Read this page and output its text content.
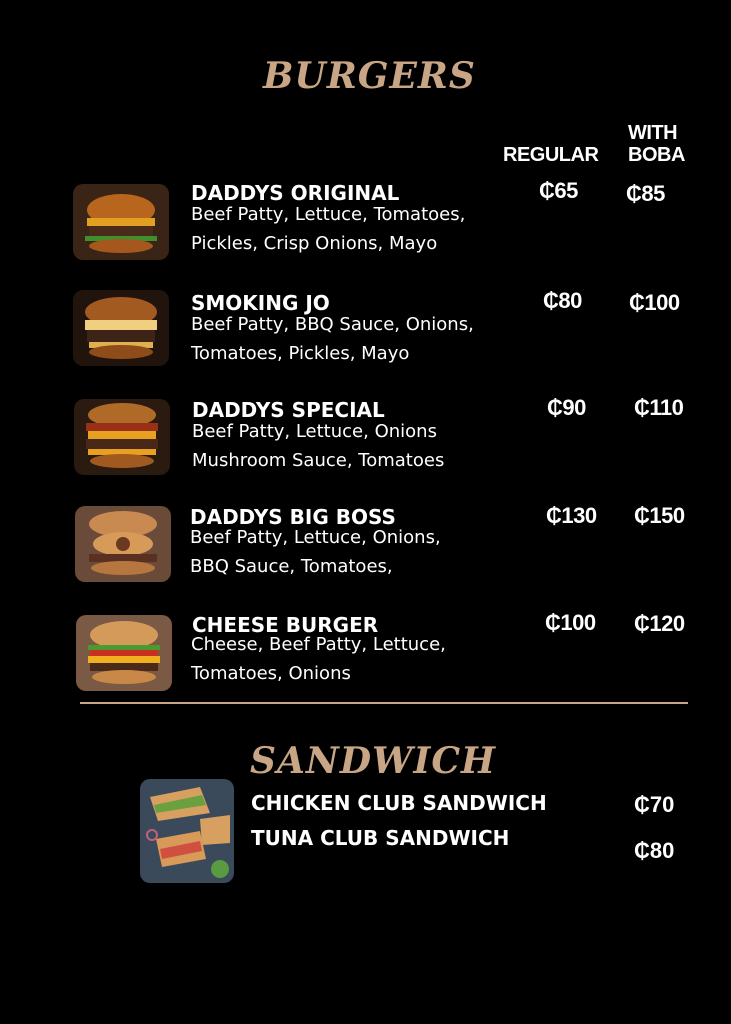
BURGERS
REGULAR
WITH BOBA
DADDYS ORIGINAL
Beef Patty, Lettuce, Tomatoes,
Pickles, Crisp Onions, Mayo
₵65 ₵85
SMOKING JO
Beef Patty, BBQ Sauce, Onions,
Tomatoes, Pickles, Mayo
₵80 ₵100
DADDYS SPECIAL
Beef Patty, Lettuce, Onions
Mushroom Sauce, Tomatoes
₵90 ₵110
DADDYS BIG BOSS
Beef Patty, Lettuce, Onions,
BBQ Sauce, Tomatoes,
₵130 ₵150
CHEESE BURGER
Cheese, Beef Patty, Lettuce,
Tomatoes, Onions
₵100 ₵120
SANDWICH
CHICKEN CLUB SANDWICH	₵70
TUNA CLUB SANDWICH	₵80
